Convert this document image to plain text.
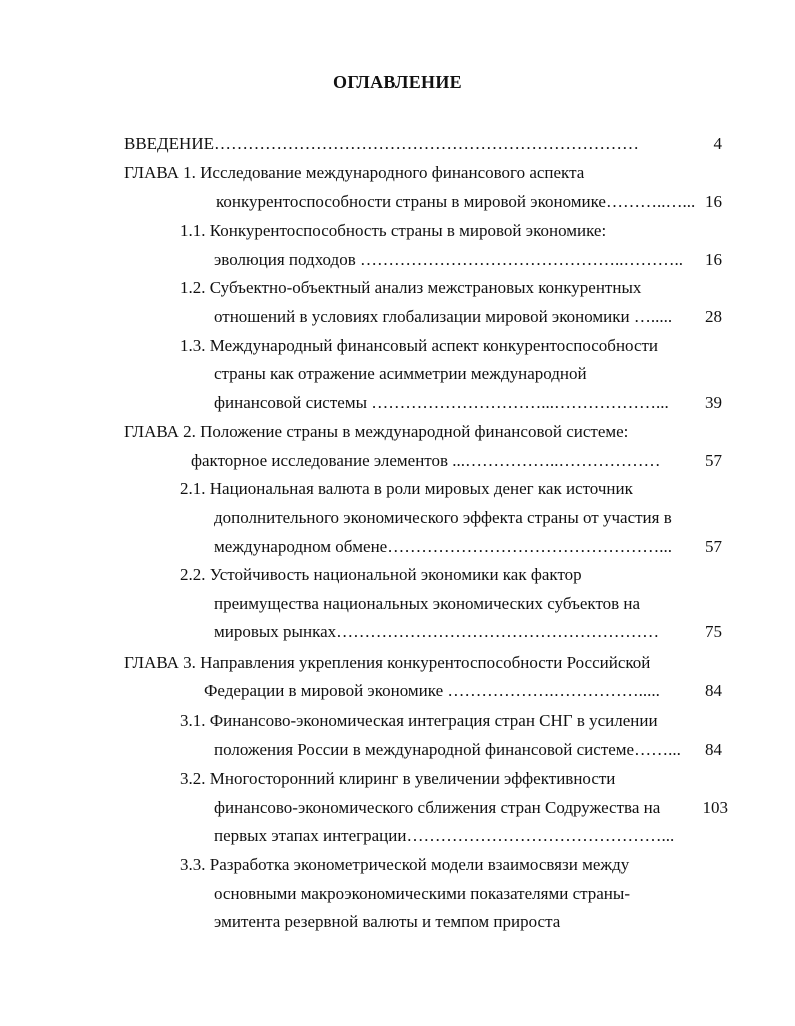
ОГЛАВЛЕНИЕ
ВВЕДЕНИЕ…………………………………………………………………	4
ГЛАВА 1. Исследование международного финансового аспекта
конкурентоспособности страны в мировой экономике………..…... 16
1.1. Конкурентоспособность страны в мировой экономике:
эволюция подходов ………………………………………..………..	16
1.2. Субъектно-объектный анализ межстрановых конкурентных
отношений в условиях глобализации мировой экономики ….....	28
1.3. Международный финансовый аспект конкурентоспособности
страны как отражение асимметрии международной
финансовой системы …………………………...………………...	39
ГЛАВА 2. Положение страны в международной финансовой системе:
факторное исследование элементов ...……………..………………	57
2.1. Национальная валюта в роли мировых денег как источник
дополнительного экономического эффекта страны от участия в
международном обмене…………………………………………...	57
2.2. Устойчивость национальной экономики как фактор
преимущества национальных экономических субъектов на
мировых рынках…………………………………………………	75
ГЛАВА 3. Направления укрепления конкурентоспособности Российской
Федерации в мировой экономике ……………….…………….....	84
3.1. Финансово-экономическая интеграция стран СНГ в усилении
положения России в международной финансовой системе……...	84
3.2. Многосторонний клиринг в увеличении эффективности
финансово-экономического сближения стран Содружества на	103
первых этапах интеграции………………………………………...
3.3. Разработка эконометрической модели взаимосвязи между
основными макроэкономическими показателями страны-
эмитента резервной валюты и темпом прироста
